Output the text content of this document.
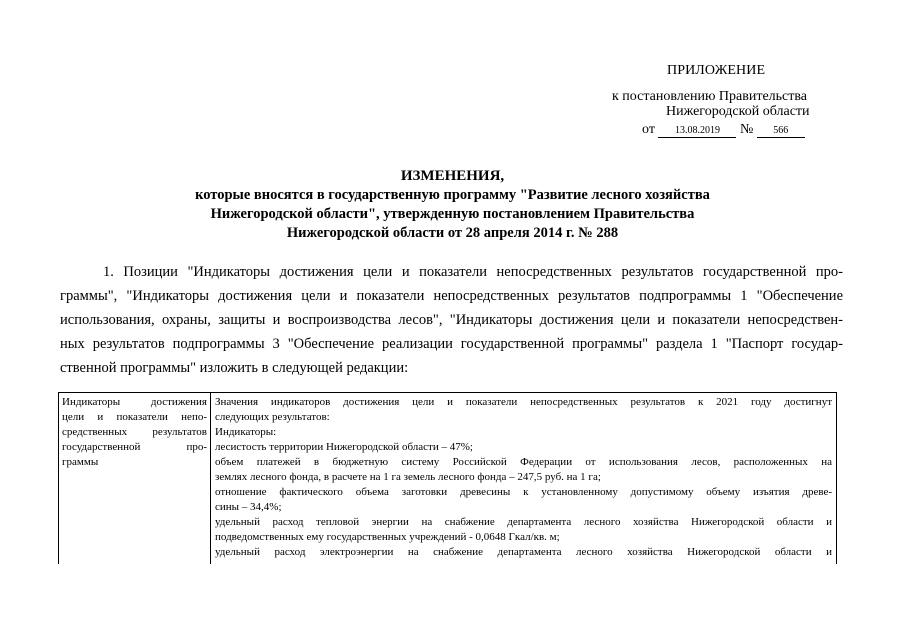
ПРИЛОЖЕНИЕ
к постановлению Правительства
Нижегородской области
от 13.08.2019 № 566
ИЗМЕНЕНИЯ,
которые вносятся в государственную программу "Развитие лесного хозяйства
Нижегородской области", утвержденную постановлением Правительства
Нижегородской области от 28 апреля 2014 г. № 288
1. Позиции "Индикаторы достижения цели и показатели непосредственных результатов государственной про-
граммы", "Индикаторы достижения цели и показатели непосредственных результатов подпрограммы 1 "Обеспечение
использования, охраны, защиты и воспроизводства лесов", "Индикаторы достижения цели и показатели непосредствен-
ных результатов подпрограммы 3 "Обеспечение реализации государственной программы" раздела 1 "Паспорт государ-
ственной программы" изложить в следующей редакции:
Индикаторы достижения
цели и показатели непо-
средственных результатов
государственной про-
граммы
Значения индикаторов достижения цели и показатели непосредственных результатов к 2021 году достигнут
следующих результатов:
Индикаторы:
лесистость территории Нижегородской области – 47%;
объем платежей в бюджетную систему Российской Федерации от использования лесов, расположенных на
землях лесного фонда, в расчете на 1 га земель лесного фонда – 247,5 руб. на 1 га;
отношение фактического объема заготовки древесины к установленному допустимому объему изъятия древе-
сины – 34,4%;
удельный расход тепловой энергии на снабжение департамента лесного хозяйства Нижегородской области и
подведомственных ему государственных учреждений - 0,0648 Гкал/кв. м;
удельный расход электроэнергии на снабжение департамента лесного хозяйства Нижегородской области и
